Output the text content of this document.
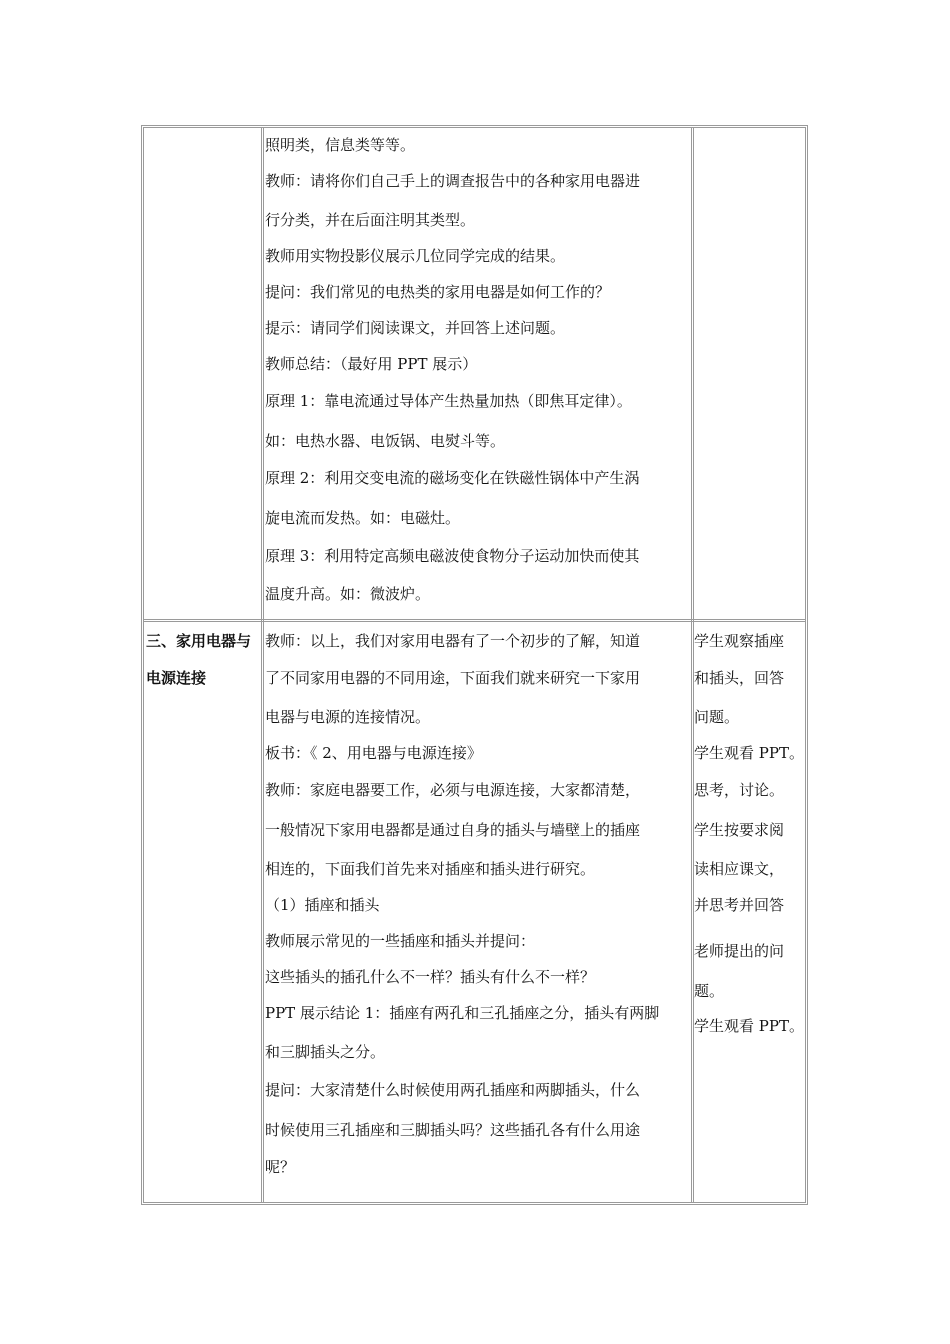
照明类，信息类等等。
教师：请将你们自己手上的调查报告中的各种家用电器进
行分类，并在后面注明其类型。
教师用实物投影仪展示几位同学完成的结果。
提问：我们常见的电热类的家用电器是如何工作的？
提示：请同学们阅读课文，并回答上述问题。
教师总结：（最好用 PPT 展示）
原理 1：靠电流通过导体产生热量加热（即焦耳定律）。
如：电热水器、电饭锅、电熨斗等。
原理 2：利用交变电流的磁场变化在铁磁性锅体中产生涡
旋电流而发热。如：电磁灶。
原理 3：利用特定高频电磁波使食物分子运动加快而使其
温度升高。如：微波炉。
三、家用电器与
电源连接
教师：以上，我们对家用电器有了一个初步的了解，知道
了不同家用电器的不同用途，下面我们就来研究一下家用
电器与电源的连接情况。
板书：《 2、用电器与电源连接》
教师：家庭电器要工作，必须与电源连接，大家都清楚，
一般情况下家用电器都是通过自身的插头与墙壁上的插座
相连的，下面我们首先来对插座和插头进行研究。
（1）插座和插头
教师展示常见的一些插座和插头并提问：
这些插头的插孔什么不一样？插头有什么不一样？
PPT 展示结论 1：插座有两孔和三孔插座之分，插头有两脚
和三脚插头之分。
提问：大家清楚什么时候使用两孔插座和两脚插头，什么
时候使用三孔插座和三脚插头吗？这些插孔各有什么用途
呢？
学生观察插座
和插头，回答
问题。
学生观看 PPT。
思考，讨论。
学生按要求阅
读相应课文，
并思考并回答
老师提出的问
题。
学生观看 PPT。
